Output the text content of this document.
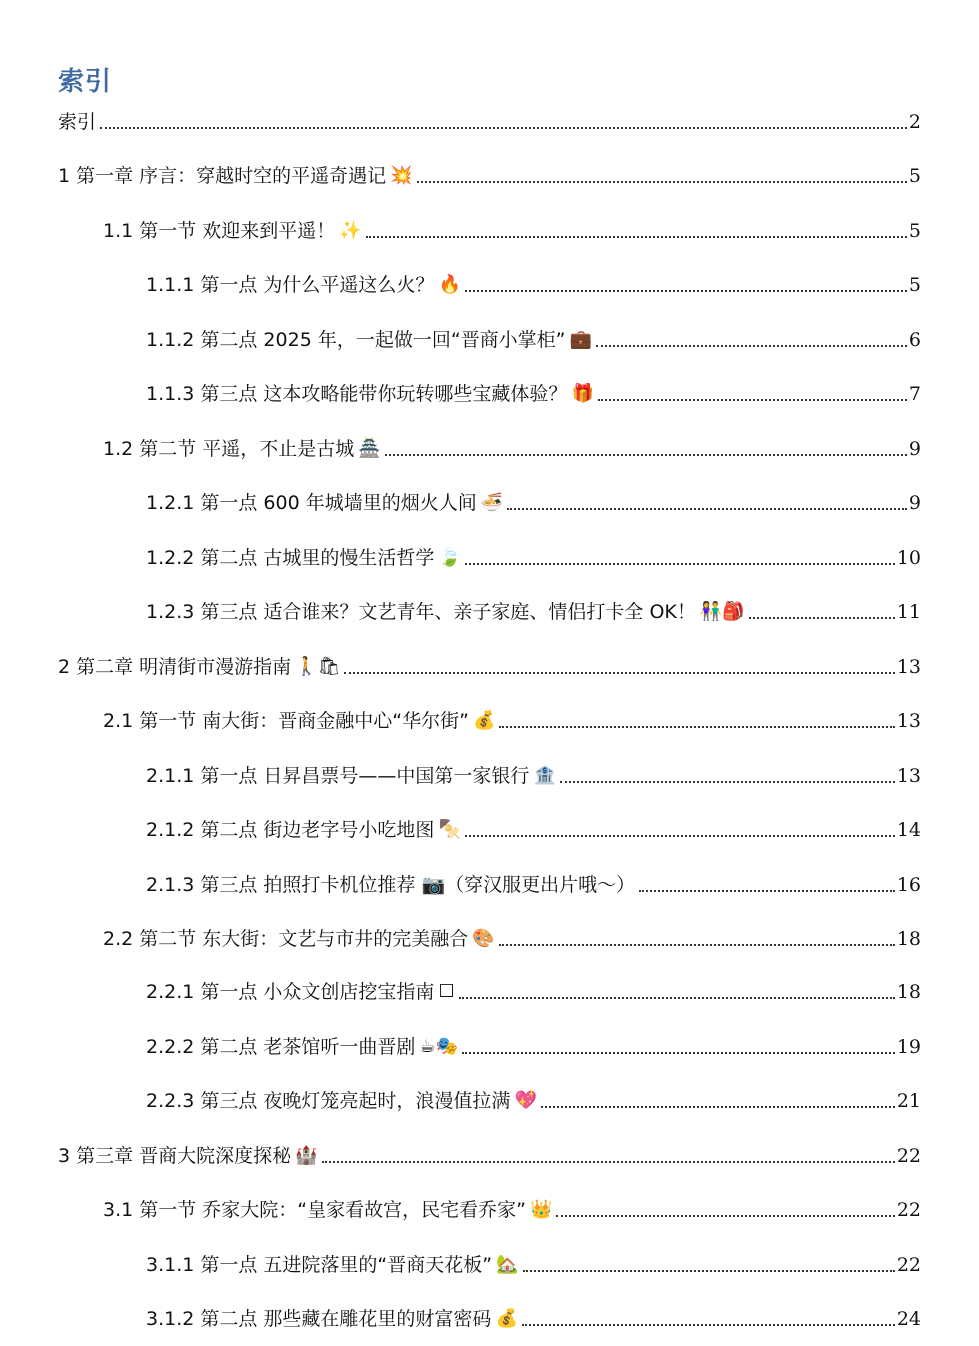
索引
索引	2
1 第一章 序言：穿越时空的平遥奇遇记 💥	5
1.1 第一节 欢迎来到平遥！ ✨	5
1.1.1 第一点 为什么平遥这么火？ 🔥	5
1.1.2 第二点 2025 年，一起做一回“晋商小掌柜” 💼	6
1.1.3 第三点 这本攻略能带你玩转哪些宝藏体验？ 🎁	7
1.2 第二节 平遥，不止是古城 🏯	9
1.2.1 第一点 600 年城墙里的烟火人间 🍜	9
1.2.2 第二点 古城里的慢生活哲学 🍃	10
1.2.3 第三点 适合谁来？文艺青年、亲子家庭、情侣打卡全 OK！ 👫🎒	11
2 第二章 明清街市漫游指南 🚶🛍	13
2.1 第一节 南大街：晋商金融中心“华尔街” 💰	13
2.1.1 第一点 日昇昌票号——中国第一家银行 🏦	13
2.1.2 第二点 街边老字号小吃地图 🍢	14
2.1.3 第三点 拍照打卡机位推荐 📷（穿汉服更出片哦～）	16
2.2 第二节 东大街：文艺与市井的完美融合 🎨	18
2.2.1 第一点 小众文创店挖宝指南 ☐	18
2.2.2 第二点 老茶馆听一曲晋剧 ☕🎭	19
2.2.3 第三点 夜晚灯笼亮起时，浪漫值拉满 💖	21
3 第三章 晋商大院深度探秘 🏰	22
3.1 第一节 乔家大院：“皇家看故宫，民宅看乔家” 👑	22
3.1.1 第一点 五进院落里的“晋商天花板” 🏡	22
3.1.2 第二点 那些藏在雕花里的财富密码 💰	24
